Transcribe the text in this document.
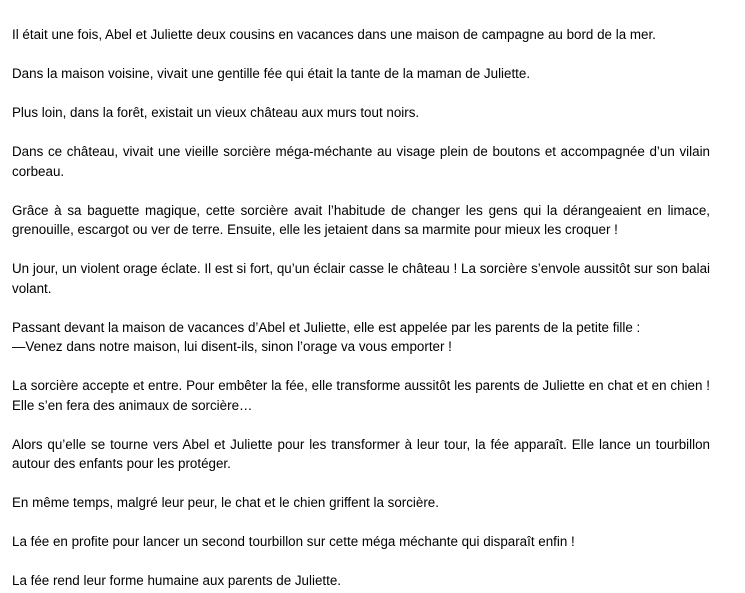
Il était une fois, Abel et Juliette deux cousins en vacances dans une maison de campagne au bord de la mer.

Dans la maison voisine, vivait une gentille fée qui était la tante de la maman de Juliette.

Plus loin, dans la forêt, existait un vieux château aux murs tout noirs.

Dans ce château, vivait une vieille sorcière méga-méchante au visage plein de boutons et accompagnée d’un vilain corbeau.

Grâce à sa baguette magique, cette sorcière avait l’habitude de changer les gens qui la dérangeaient en limace, grenouille, escargot ou ver de terre. Ensuite, elle les jetaient dans sa marmite pour mieux les croquer !

Un jour, un violent orage éclate. Il est si fort, qu’un éclair casse le château ! La sorcière s’envole aussitôt sur son balai volant.

Passant devant la maison de vacances d’Abel et Juliette, elle est appelée par les parents de la petite fille :
—Venez dans notre maison, lui disent-ils, sinon l’orage va vous emporter !

La sorcière accepte et entre. Pour embêter la fée, elle transforme aussitôt les parents de Juliette en chat et en chien ! Elle s’en fera des animaux de sorcière…

Alors qu’elle se tourne vers Abel et Juliette pour les transformer à leur tour, la fée apparaît. Elle lance un tourbillon autour des enfants pour les protéger.

En même temps, malgré leur peur, le chat et le chien griffent la sorcière.

La fée en profite pour lancer un second tourbillon sur cette méga méchante qui disparaît enfin !

La fée rend leur forme humaine aux parents de Juliette.
